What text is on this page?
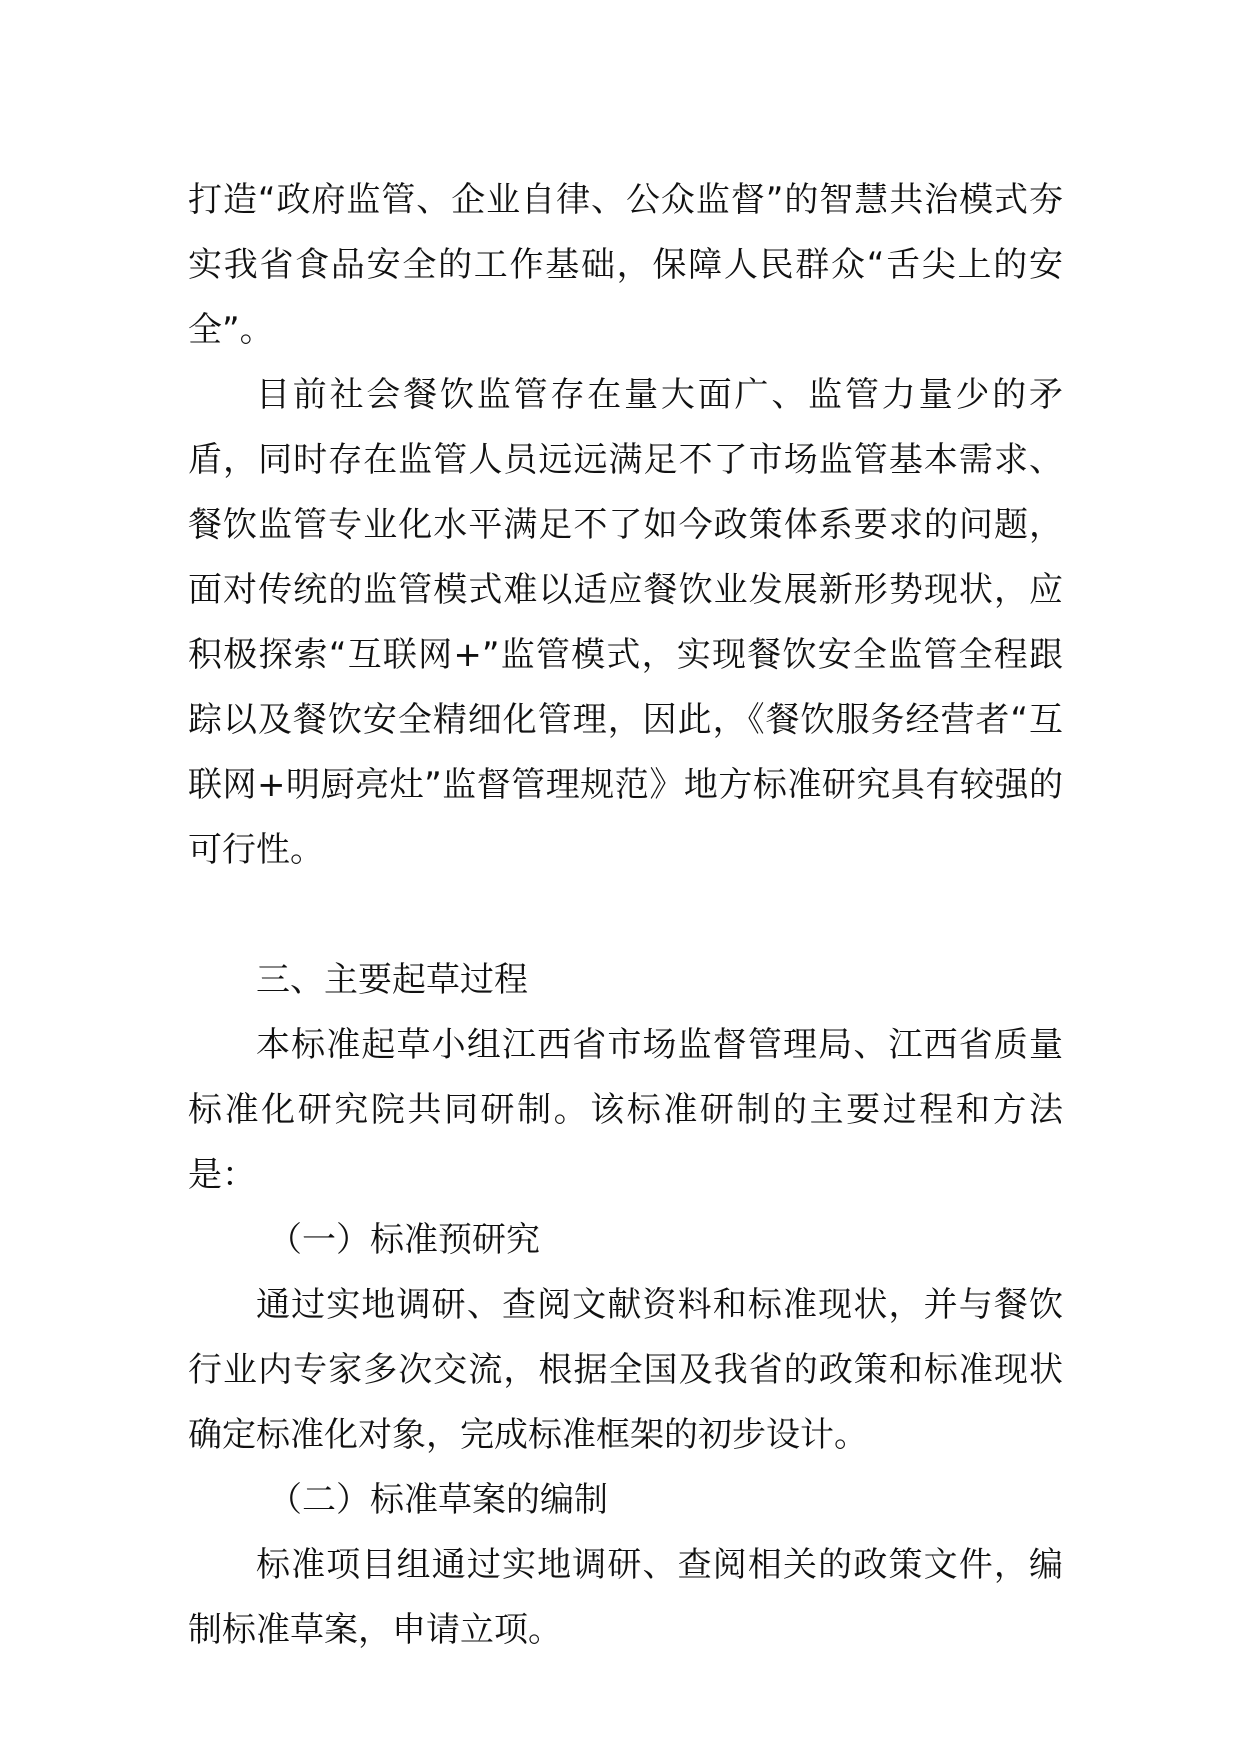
打造“政府监管、企业自律、公众监督”的智慧共治模式夯实我省食品安全的工作基础，保障人民群众“舌尖上的安全”。

目前社会餐饮监管存在量大面广、监管力量少的矛盾，同时存在监管人员远远满足不了市场监管基本需求、餐饮监管专业化水平满足不了如今政策体系要求的问题，面对传统的监管模式难以适应餐饮业发展新形势现状，应积极探索“互联网+”监管模式，实现餐饮安全监管全程跟踪以及餐饮安全精细化管理，因此，《餐饮服务经营者“互联网+明厨亮灶”监督管理规范》地方标准研究具有较强的可行性。

三、主要起草过程

本标准起草小组江西省市场监督管理局、江西省质量标准化研究院共同研制。该标准研制的主要过程和方法是：

（一）标准预研究

通过实地调研、查阅文献资料和标准现状，并与餐饮行业内专家多次交流，根据全国及我省的政策和标准现状确定标准化对象，完成标准框架的初步设计。

（二）标准草案的编制

标准项目组通过实地调研、查阅相关的政策文件，编制标准草案，申请立项。
